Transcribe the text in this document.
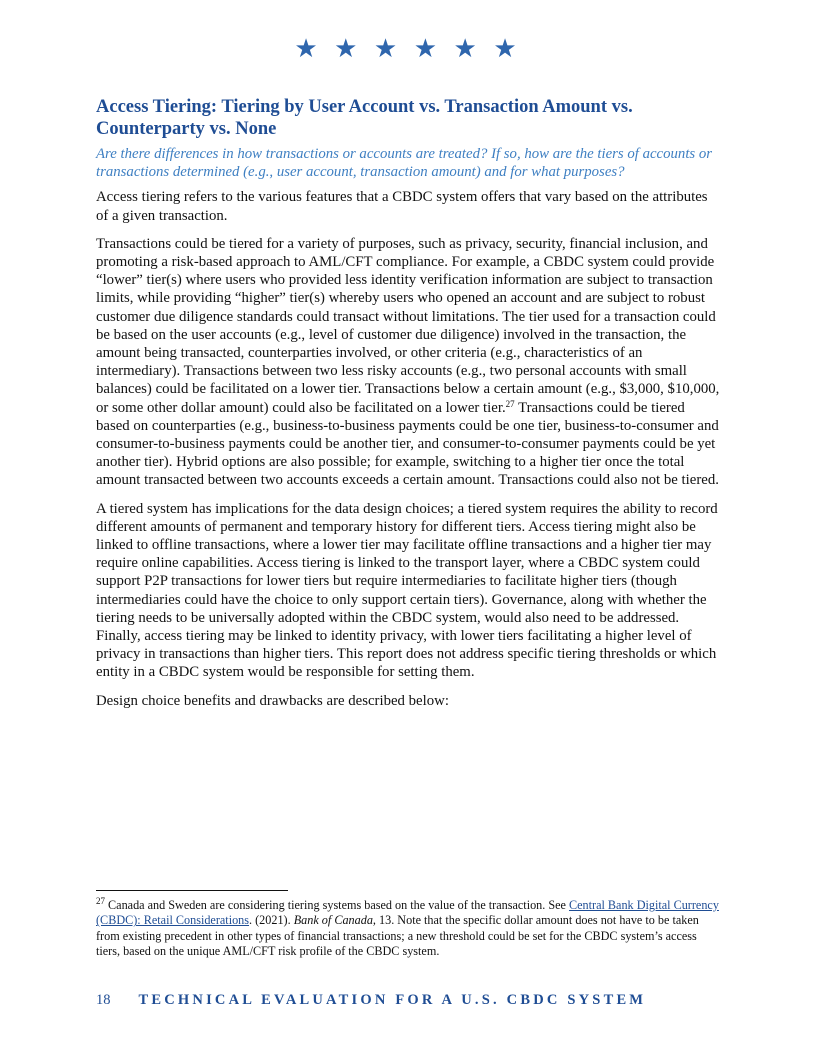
★ ★ ★ ★ ★ ★
Access Tiering: Tiering by User Account vs. Transaction Amount vs. Counterparty vs. None

Are there differences in how transactions or accounts are treated? If so, how are the tiers of accounts or transactions determined (e.g., user account, transaction amount) and for what purposes?

Access tiering refers to the various features that a CBDC system offers that vary based on the attributes of a given transaction.

Transactions could be tiered for a variety of purposes, such as privacy, security, financial inclusion, and promoting a risk-based approach to AML/CFT compliance. For example, a CBDC system could provide “lower” tier(s) where users who provided less identity verification information are subject to transaction limits, while providing “higher” tier(s) whereby users who opened an account and are subject to robust customer due diligence standards could transact without limitations. The tier used for a transaction could be based on the user accounts (e.g., level of customer due diligence) involved in the transaction, the amount being transacted, counterparties involved, or other criteria (e.g., characteristics of an intermediary). Transactions between two less risky accounts (e.g., two personal accounts with small balances) could be facilitated on a lower tier. Transactions below a certain amount (e.g., $3,000, $10,000, or some other dollar amount) could also be facilitated on a lower tier.$^{27}$ Transactions could be tiered based on counterparties (e.g., business-to-business payments could be one tier, business-to-consumer and consumer-to-business payments could be another tier, and consumer-to-consumer payments could be yet another tier). Hybrid options are also possible; for example, switching to a higher tier once the total amount transacted between two accounts exceeds a certain amount. Transactions could also not be tiered.

A tiered system has implications for the data design choices; a tiered system requires the ability to record different amounts of permanent and temporary history for different tiers. Access tiering might also be linked to offline transactions, where a lower tier may facilitate offline transactions and a higher tier may require online capabilities. Access tiering is linked to the transport layer, where a CBDC system could support P2P transactions for lower tiers but require intermediaries to facilitate higher tiers (though intermediaries could have the choice to only support certain tiers). Governance, along with whether the tiering needs to be universally adopted within the CBDC system, would also need to be addressed. Finally, access tiering may be linked to identity privacy, with lower tiers facilitating a higher level of privacy in transactions than higher tiers. This report does not address specific tiering thresholds or which entity in a CBDC system would be responsible for setting them.

Design choice benefits and drawbacks are described below:

$^{27}$ Canada and Sweden are considering tiering systems based on the value of the transaction. See Central Bank Digital Currency (CBDC): Retail Considerations. (2021). Bank of Canada, 13. Note that the specific dollar amount does not have to be taken from existing precedent in other types of financial transactions; a new threshold could be set for the CBDC system’s access tiers, based on the unique AML/CFT risk profile of the CBDC system.
18 TECHNICAL EVALUATION FOR A U.S. CBDC SYSTEM
